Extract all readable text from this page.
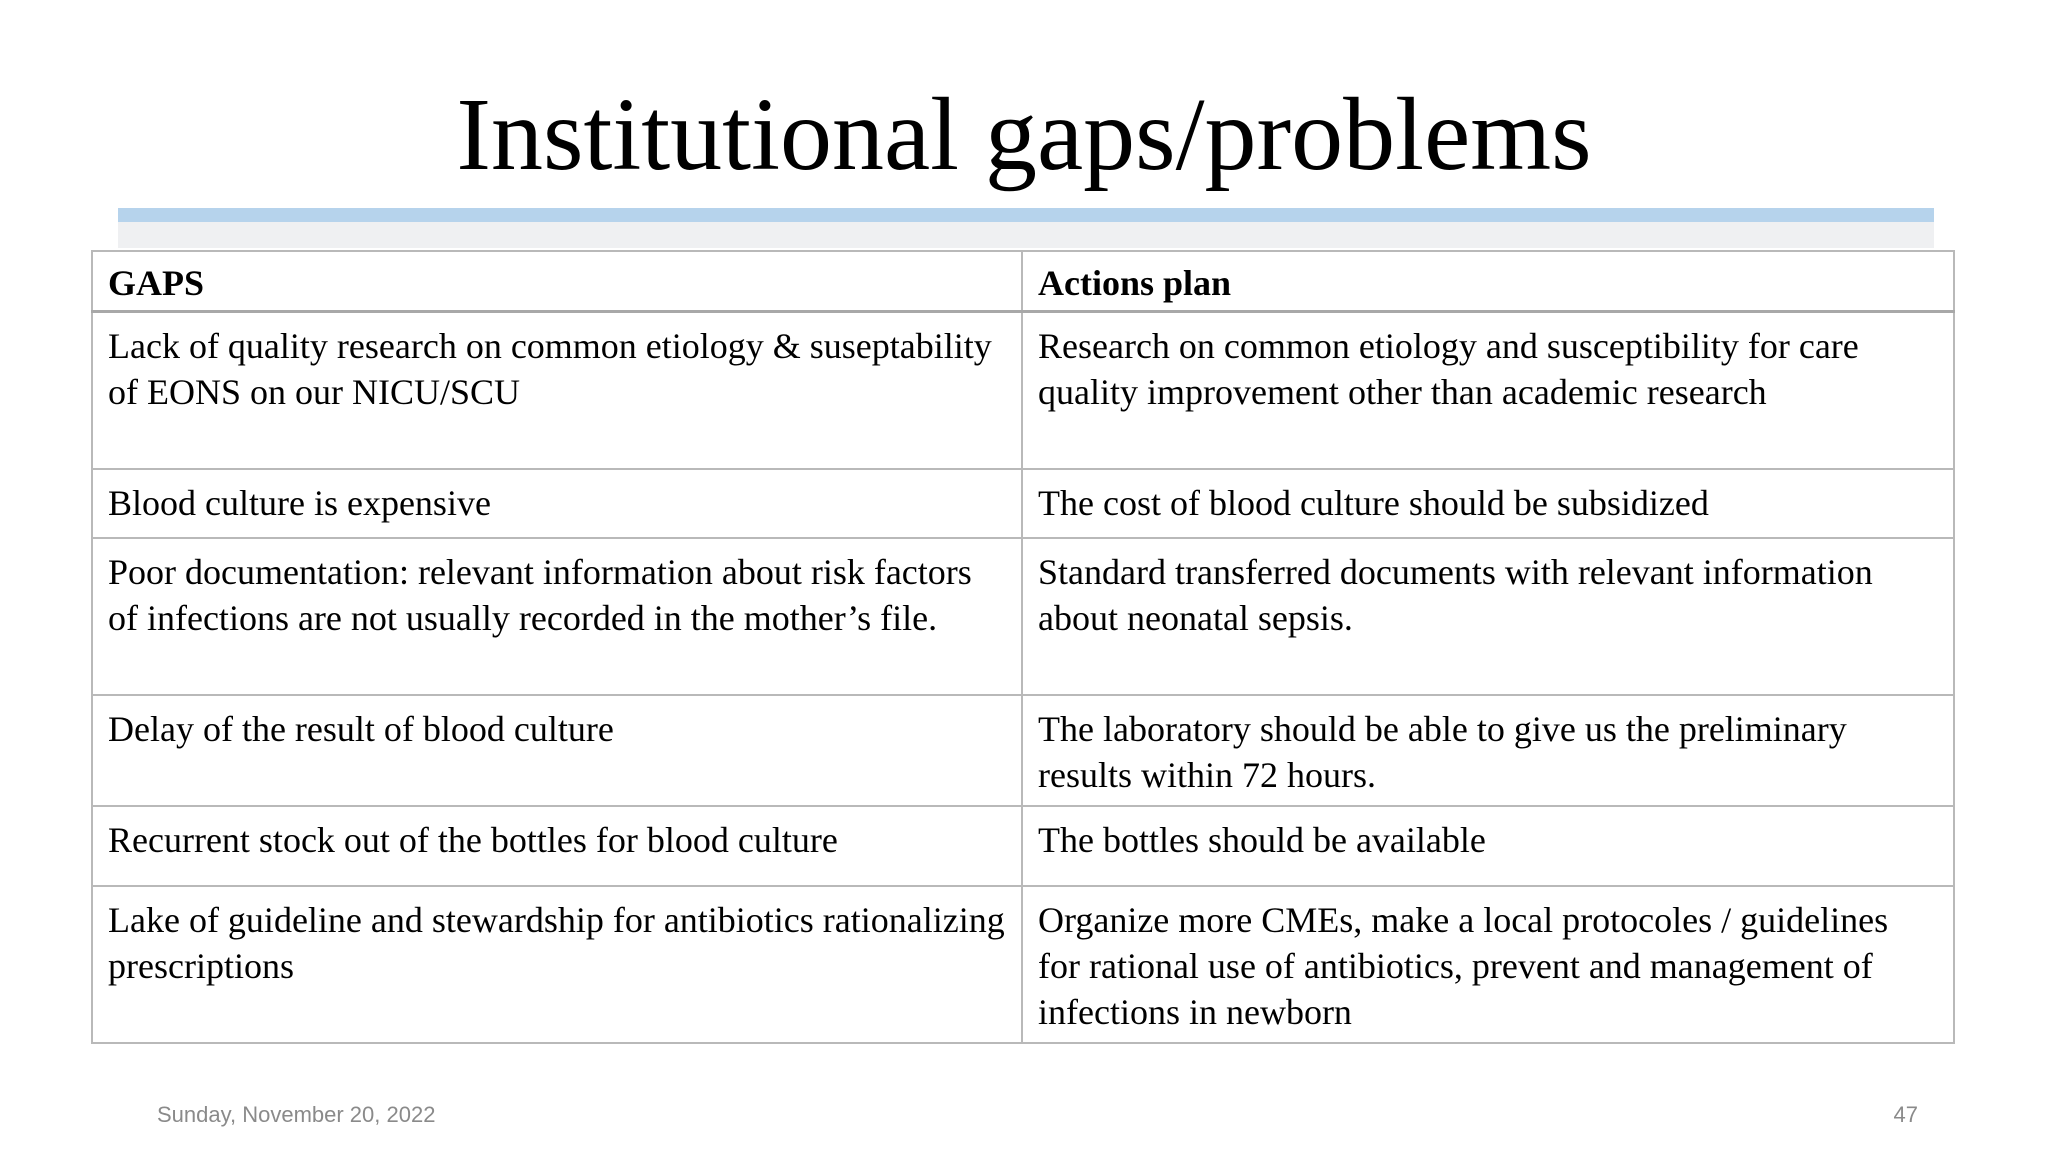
Institutional gaps/problems
GAPS	Actions plan
Lack of quality research on common etiology & suseptability of EONS on our NICU/SCU	Research on common etiology and susceptibility for care quality improvement other than academic research
Blood culture is expensive	The cost of blood culture should be subsidized
Poor documentation: relevant information about risk factors of infections are not usually recorded in the mother’s file.	Standard transferred documents with relevant information about neonatal sepsis.
Delay of the result of blood culture	The laboratory should be able to give us the preliminary results within 72 hours.
Recurrent stock out of the bottles for blood culture	The bottles should be available
Lake of guideline and stewardship for antibiotics rationalizing prescriptions	Organize more CMEs, make a local protocoles / guidelines for rational use of antibiotics, prevent and management of infections in newborn
Sunday, November 20, 2022	47
